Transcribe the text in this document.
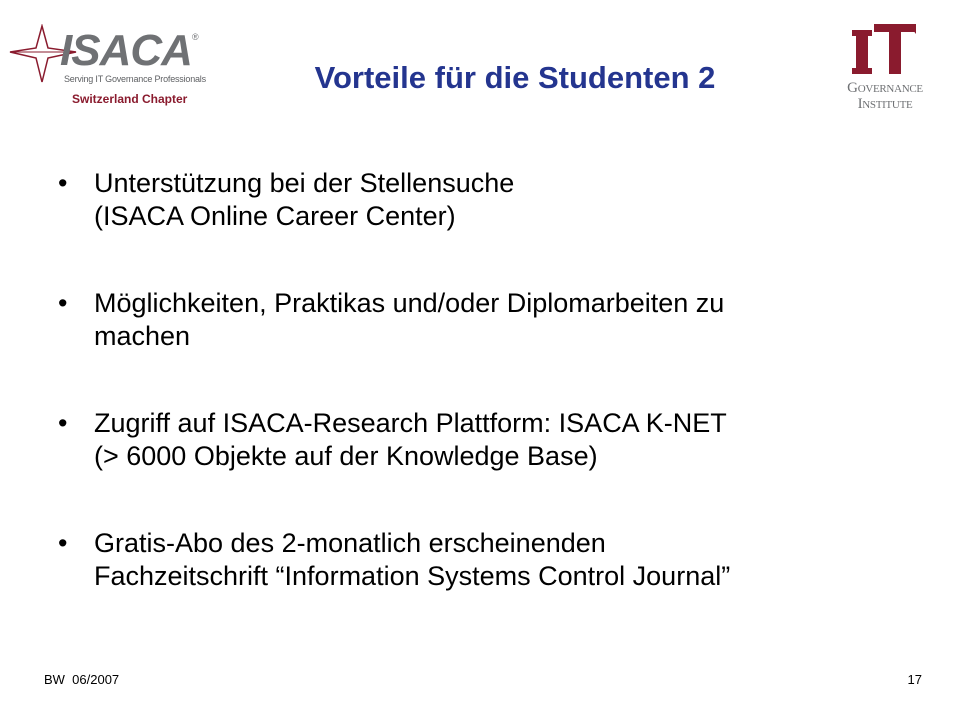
ISACA ®
Serving IT Governance Professionals
Switzerland Chapter
Governance
Institute
Vorteile für die Studenten 2
• Unterstützung bei der Stellensuche
(ISACA Online Career Center)
• Möglichkeiten, Praktikas und/oder Diplomarbeiten zu
machen
• Zugriff auf ISACA-Research Plattform: ISACA K-NET
(> 6000 Objekte auf der Knowledge Base)
• Gratis-Abo des 2-monatlich erscheinenden
Fachzeitschrift “Information Systems Control Journal”
BW  06/2007	17
